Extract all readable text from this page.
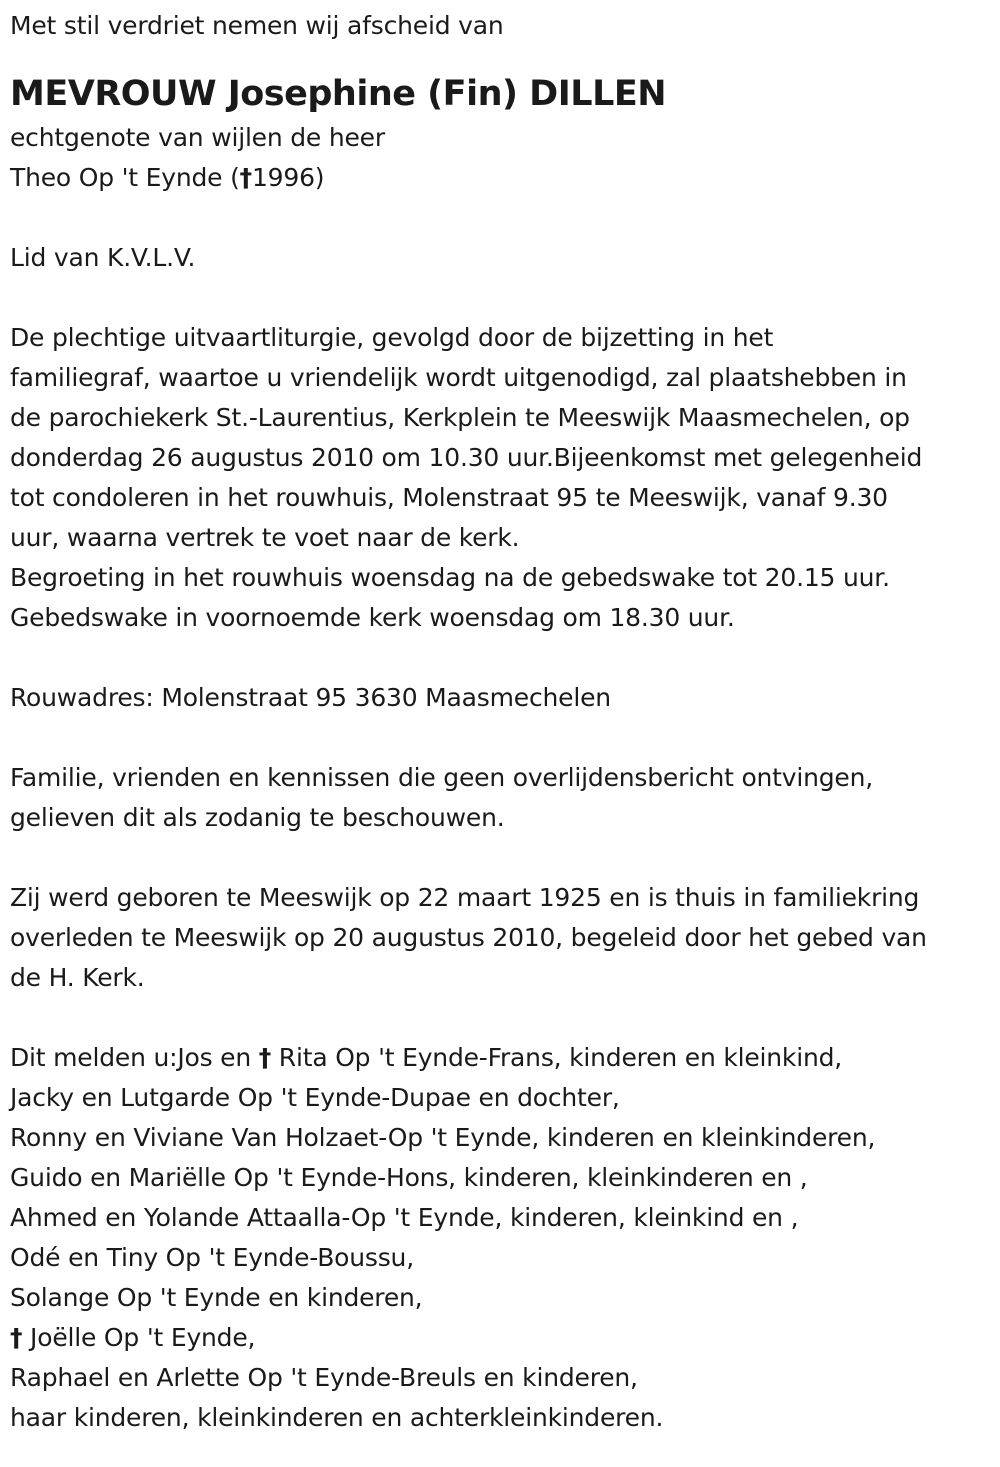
Met stil verdriet nemen wij afscheid van
MEVROUW Josephine (Fin) DILLEN
echtgenote van wijlen de heer
Theo Op 't Eynde (†1996)
Lid van K.V.L.V.
De plechtige uitvaartliturgie, gevolgd door de bijzetting in het
familiegraf, waartoe u vriendelijk wordt uitgenodigd, zal plaatshebben in
de parochiekerk St.-Laurentius, Kerkplein te Meeswijk Maasmechelen, op
donderdag 26 augustus 2010 om 10.30 uur.Bijeenkomst met gelegenheid
tot condoleren in het rouwhuis, Molenstraat 95 te Meeswijk, vanaf 9.30
uur, waarna vertrek te voet naar de kerk.
Begroeting in het rouwhuis woensdag na de gebedswake tot 20.15 uur.
Gebedswake in voornoemde kerk woensdag om 18.30 uur.
Rouwadres: Molenstraat 95 3630 Maasmechelen
Familie, vrienden en kennissen die geen overlijdensbericht ontvingen,
gelieven dit als zodanig te beschouwen.
Zij werd geboren te Meeswijk op 22 maart 1925 en is thuis in familiekring
overleden te Meeswijk op 20 augustus 2010, begeleid door het gebed van
de H. Kerk.
Dit melden u:Jos en † Rita Op 't Eynde-Frans, kinderen en kleinkind,
Jacky en Lutgarde Op 't Eynde-Dupae en dochter,
Ronny en Viviane Van Holzaet-Op 't Eynde, kinderen en kleinkinderen,
Guido en Mariëlle Op 't Eynde-Hons, kinderen, kleinkinderen en ,
Ahmed en Yolande Attaalla-Op 't Eynde, kinderen, kleinkind en ,
Odé en Tiny Op 't Eynde-Boussu,
Solange Op 't Eynde en kinderen,
† Joëlle Op 't Eynde,
Raphael en Arlette Op 't Eynde-Breuls en kinderen,
haar kinderen, kleinkinderen en achterkleinkinderen.
